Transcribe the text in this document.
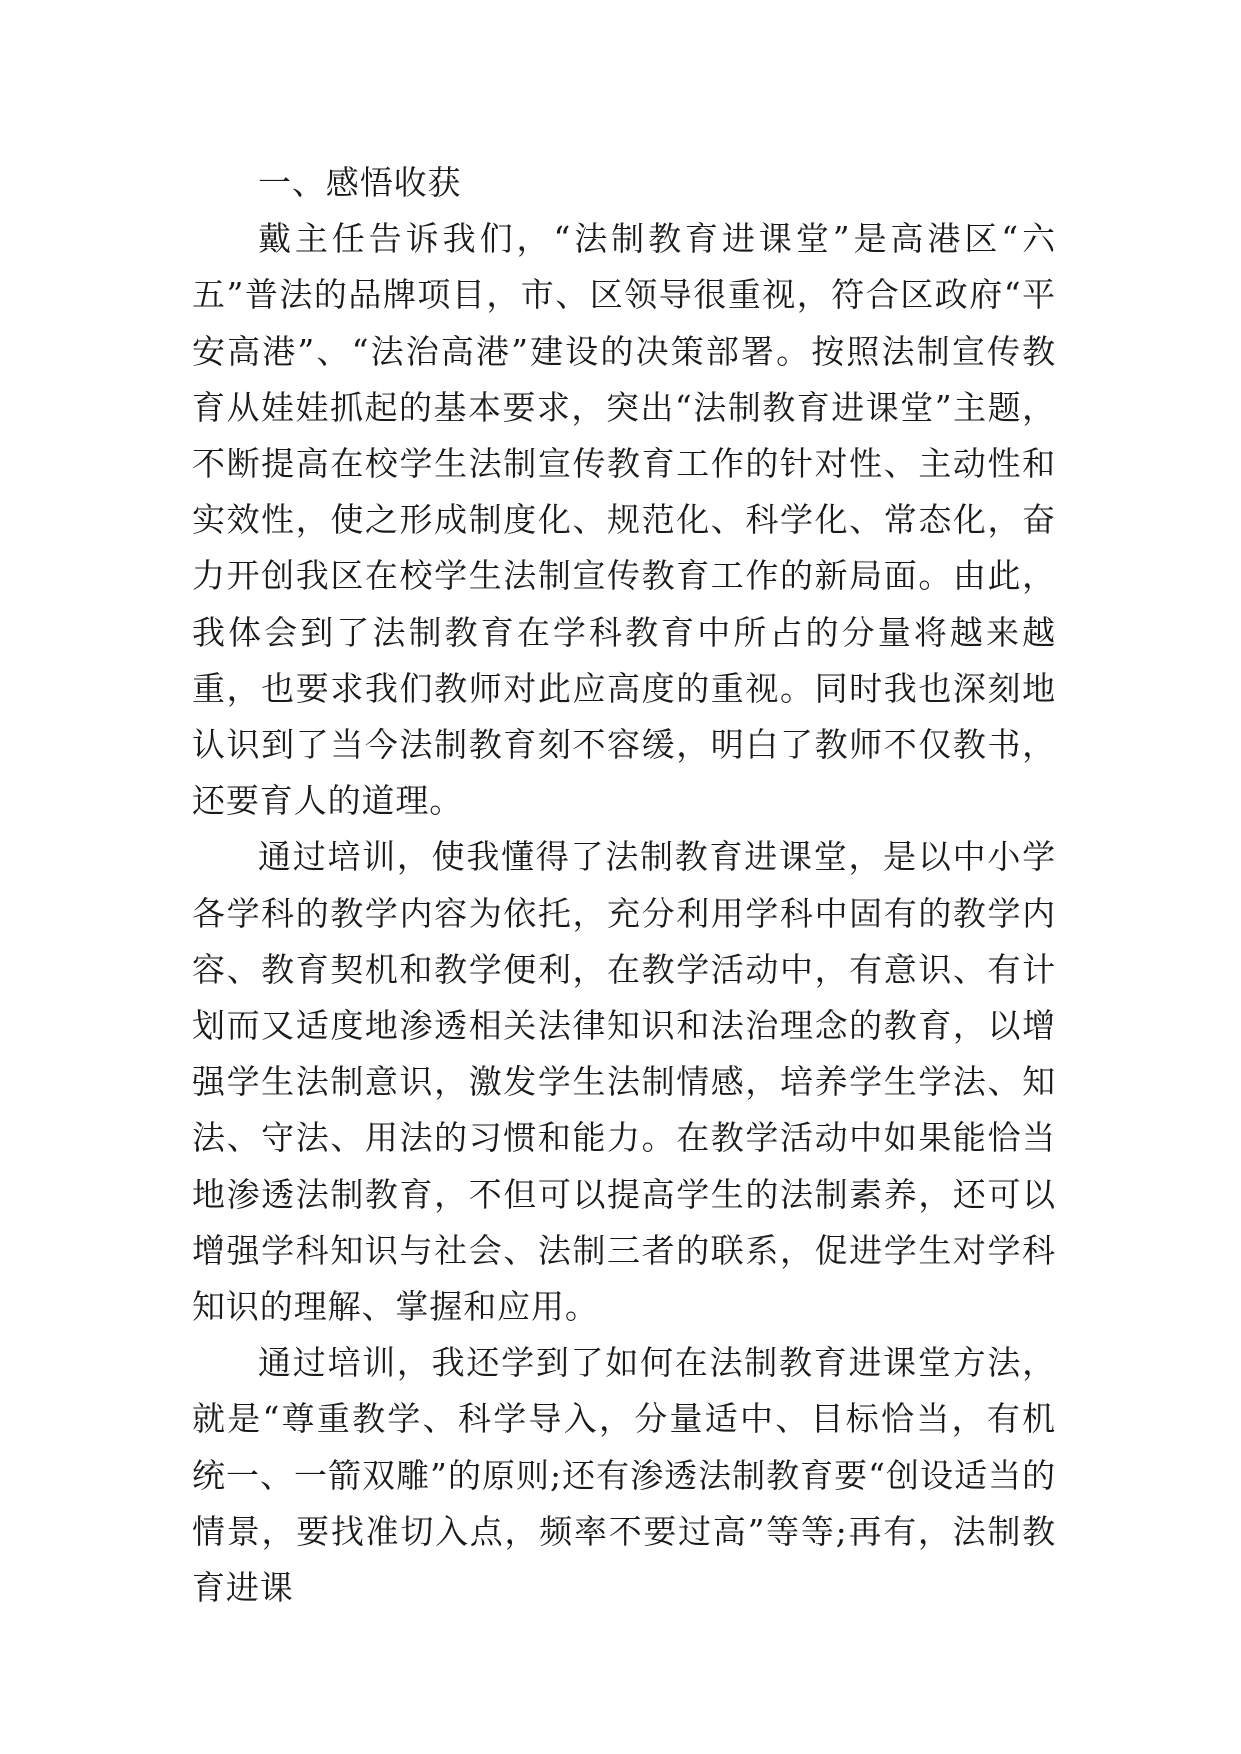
一、感悟收获

戴主任告诉我们，“法制教育进课堂”是高港区“六五”普法的品牌项目，市、区领导很重视，符合区政府“平安高港”、“法治高港”建设的决策部署。按照法制宣传教育从娃娃抓起的基本要求，突出“法制教育进课堂”主题，不断提高在校学生法制宣传教育工作的针对性、主动性和实效性，使之形成制度化、规范化、科学化、常态化，奋力开创我区在校学生法制宣传教育工作的新局面。由此，我体会到了法制教育在学科教育中所占的分量将越来越重，也要求我们教师对此应高度的重视。同时我也深刻地认识到了当今法制教育刻不容缓，明白了教师不仅教书，还要育人的道理。

通过培训，使我懂得了法制教育进课堂，是以中小学各学科的教学内容为依托，充分利用学科中固有的教学内容、教育契机和教学便利，在教学活动中，有意识、有计划而又适度地渗透相关法律知识和法治理念的教育，以增强学生法制意识，激发学生法制情感，培养学生学法、知法、守法、用法的习惯和能力。在教学活动中如果能恰当地渗透法制教育，不但可以提高学生的法制素养，还可以增强学科知识与社会、法制三者的联系，促进学生对学科知识的理解、掌握和应用。

通过培训，我还学到了如何在法制教育进课堂方法，就是“尊重教学、科学导入，分量适中、目标恰当，有机统一、一箭双雕”的原则;还有渗透法制教育要“创设适当的情景，要找准切入点，频率不要过高”等等;再有，法制教育进课
